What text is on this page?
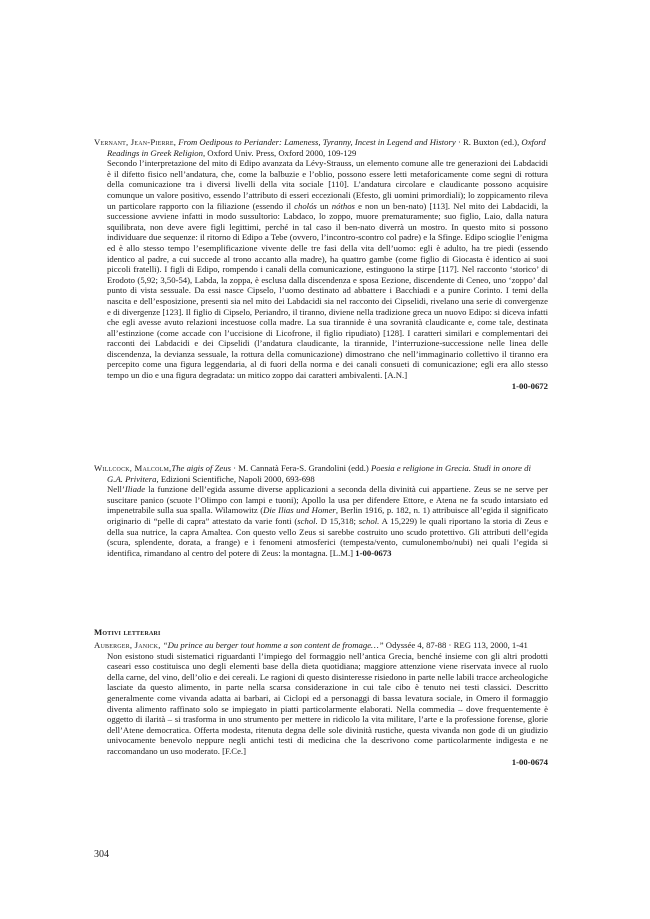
Vernant, Jean-Pierre, From Oedipous to Periander: Lameness, Tyranny, Incest in Legend and History · R. Buxton (ed.), Oxford Readings in Greek Religion, Oxford Univ. Press, Oxford 2000, 109-129

Secondo l’interpretazione del mito di Edipo avanzata da Lévy-Strauss, un elemento comune alle tre generazioni dei Labdacidi è il difetto fisico nell’andatura, che, come la balbuzie e l’oblio, possono essere letti metaforicamente come segni di rottura della comunicazione tra i diversi livelli della vita sociale [110]. L’andatura circolare e claudicante possono acquisire comunque un valore positivo, essendo l’attributo di esseri eccezionali (Efesto, gli uomini primordiali); lo zoppicamento rileva un particolare rapporto con la filiazione (essendo il cholós un nóthos e non un ben-nato) [113]. Nel mito dei Labdacidi, la successione avviene infatti in modo sussultorio: Labdaco, lo zoppo, muore prematuramente; suo figlio, Laio, dalla natura squilibrata, non deve avere figli legittimi, perché in tal caso il ben-nato diverrà un mostro. In questo mito si possono individuare due sequenze: il ritorno di Edipo a Tebe (ovvero, l’incontro-scontro col padre) e la Sfinge. Edipo scioglie l’enigma ed è allo stesso tempo l’esemplificazione vivente delle tre fasi della vita dell’uomo: egli è adulto, ha tre piedi (essendo identico al padre, a cui succede al trono accanto alla madre), ha quattro gambe (come figlio di Giocasta è identico ai suoi piccoli fratelli). I figli di Edipo, rompendo i canali della comunicazione, estinguono la stirpe [117]. Nel racconto ‘storico’ di Erodoto (5,92; 3,50-54), Labda, la zoppa, è esclusa dalla discendenza e sposa Eezione, discendente di Ceneo, uno ‘zoppo’ dal punto di vista sessuale. Da essi nasce Cipselo, l’uomo destinato ad abbattere i Bacchiadi e a punire Corinto. I temi della nascita e dell’esposizione, presenti sia nel mito dei Labdacidi sia nel racconto dei Cipselidi, rivelano una serie di convergenze e di divergenze [123]. Il figlio di Cipselo, Periandro, il tiranno, diviene nella tradizione greca un nuovo Edipo: si diceva infatti che egli avesse avuto relazioni incestuose colla madre. La sua tirannide è una sovranità claudicante e, come tale, destinata all’estinzione (come accade con l’uccisione di Licofrone, il figlio ripudiato) [128]. I caratteri similari e complementari dei racconti dei Labdacidi e dei Cipselidi (l’andatura claudicante, la tirannide, l’interruzione-successione nelle linea delle discendenza, la devianza sessuale, la rottura della comunicazione) dimostrano che nell’immaginario collettivo il tiranno era percepito come una figura leggendaria, al di fuori della norma e dei canali consueti di comunicazione; egli era allo stesso tempo un dio e una figura degradata: un mitico zoppo dai caratteri ambivalenti. [A.N.]

1-00-0672

Willcock, Malcolm,The aigis of Zeus · M. Cannatà Fera-S. Grandolini (edd.) Poesia e religione in Grecia. Studi in onore di G.A. Privitera, Edizioni Scientifiche, Napoli 2000, 693-698

Nell’Iliade la funzione dell’egida assume diverse applicazioni a seconda della divinità cui appartiene. Zeus se ne serve per suscitare panico (scuote l’Olimpo con lampi e tuoni); Apollo la usa per difendere Ettore, e Atena ne fa scudo intarsiato ed impenetrabile sulla sua spalla. Wilamowitz (Die Ilias und Homer, Berlin 1916, p. 182, n. 1) attribuisce all’egida il significato originario di “pelle di capra” attestato da varie fonti (schol. D 15,318; schol. A 15,229) le quali riportano la storia di Zeus e della sua nutrice, la capra Amaltea. Con questo vello Zeus si sarebbe costruito uno scudo protettivo. Gli attributi dell’egida (scura, splendente, dorata, a frange) e i fenomeni atmosferici (tempesta/vento, cumulonembo/nubi) nei quali l’egida si identifica, rimandano al centro del potere di Zeus: la montagna. [L.M.] 1-00-0673

Motivi letterari

Auberger, Janick, “Du prince au berger tout homme a son content de fromage…” Odyssée 4, 87-88 · REG 113, 2000, 1-41

Non esistono studi sistematici riguardanti l’impiego del formaggio nell’antica Grecia, benché insieme con gli altri prodotti caseari esso costituisca uno degli elementi base della dieta quotidiana; maggiore attenzione viene riservata invece al ruolo della carne, del vino, dell’olio e dei cereali. Le ragioni di questo disinteresse risiedono in parte nelle labili tracce archeologiche lasciate da questo alimento, in parte nella scarsa considerazione in cui tale cibo è tenuto nei testi classici. Descritto generalmente come vivanda adatta ai barbari, ai Ciclopi ed a personaggi di bassa levatura sociale, in Omero il formaggio diventa alimento raffinato solo se impiegato in piatti particolarmente elaborati. Nella commedia – dove frequentemente è oggetto di ilarità – si trasforma in uno strumento per mettere in ridicolo la vita militare, l’arte e la professione forense, glorie dell’Atene democratica. Offerta modesta, ritenuta degna delle sole divinità rustiche, questa vivanda non gode di un giudizio univocamente benevolo neppure negli antichi testi di medicina che la descrivono come particolarmente indigesta e ne raccomandano un uso moderato. [F.Ce.]

1-00-0674

304
